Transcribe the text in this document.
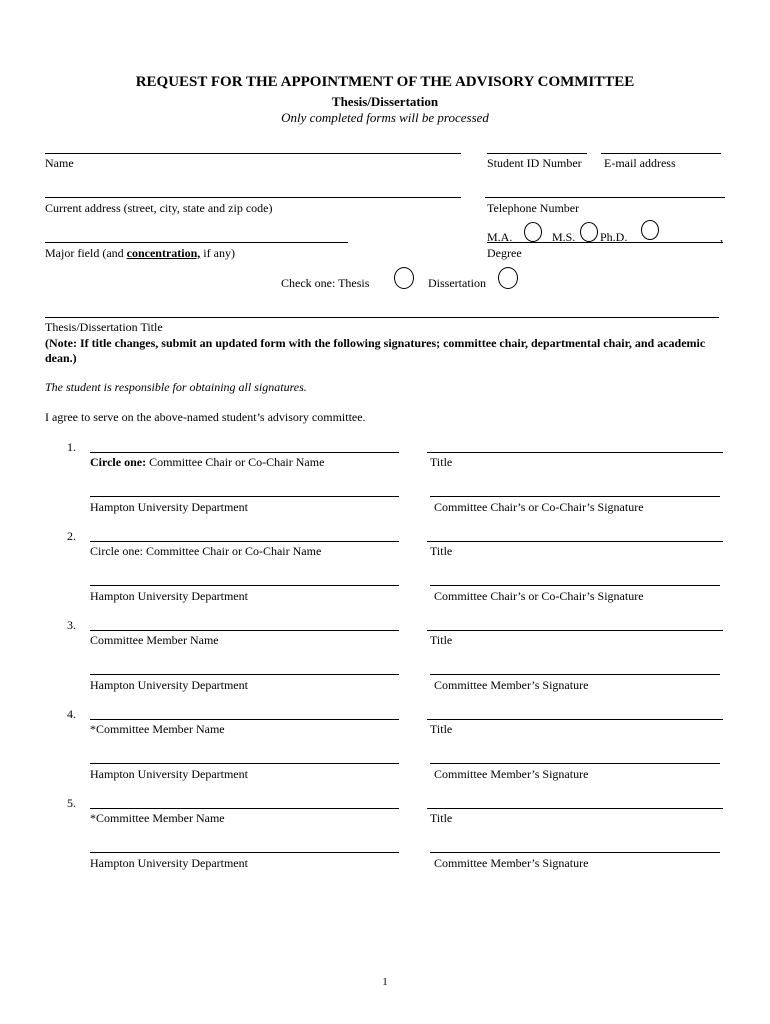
REQUEST FOR THE APPOINTMENT OF THE ADVISORY COMMITTEE
Thesis/Dissertation
Only completed forms will be processed
Name	Student ID Number E-mail address
Current address (street, city, state and zip code)	Telephone Number
Major field (and concentration, if any)
M.A.	M.S. Ph.D.	,
Degree
Check one: Thesis	Dissertation
Thesis/Dissertation Title
(Note: If title changes, submit an updated form with the following signatures; committee chair, departmental chair, and academic dean.)
The student is responsible for obtaining all signatures.
I agree to serve on the above-named student’s advisory committee.
1.
Circle one: Committee Chair or Co-Chair Name	Title
Hampton University Department	Committee Chair’s or Co-Chair’s Signature
2.
Circle one: Committee Chair or Co-Chair Name	Title
Hampton University Department	Committee Chair’s or Co-Chair’s Signature
3.
Committee Member Name	Title
Hampton University Department	Committee Member’s Signature
4.
*Committee Member Name	Title
Hampton University Department	Committee Member’s Signature
5.
*Committee Member Name	Title
Hampton University Department	Committee Member’s Signature
1
